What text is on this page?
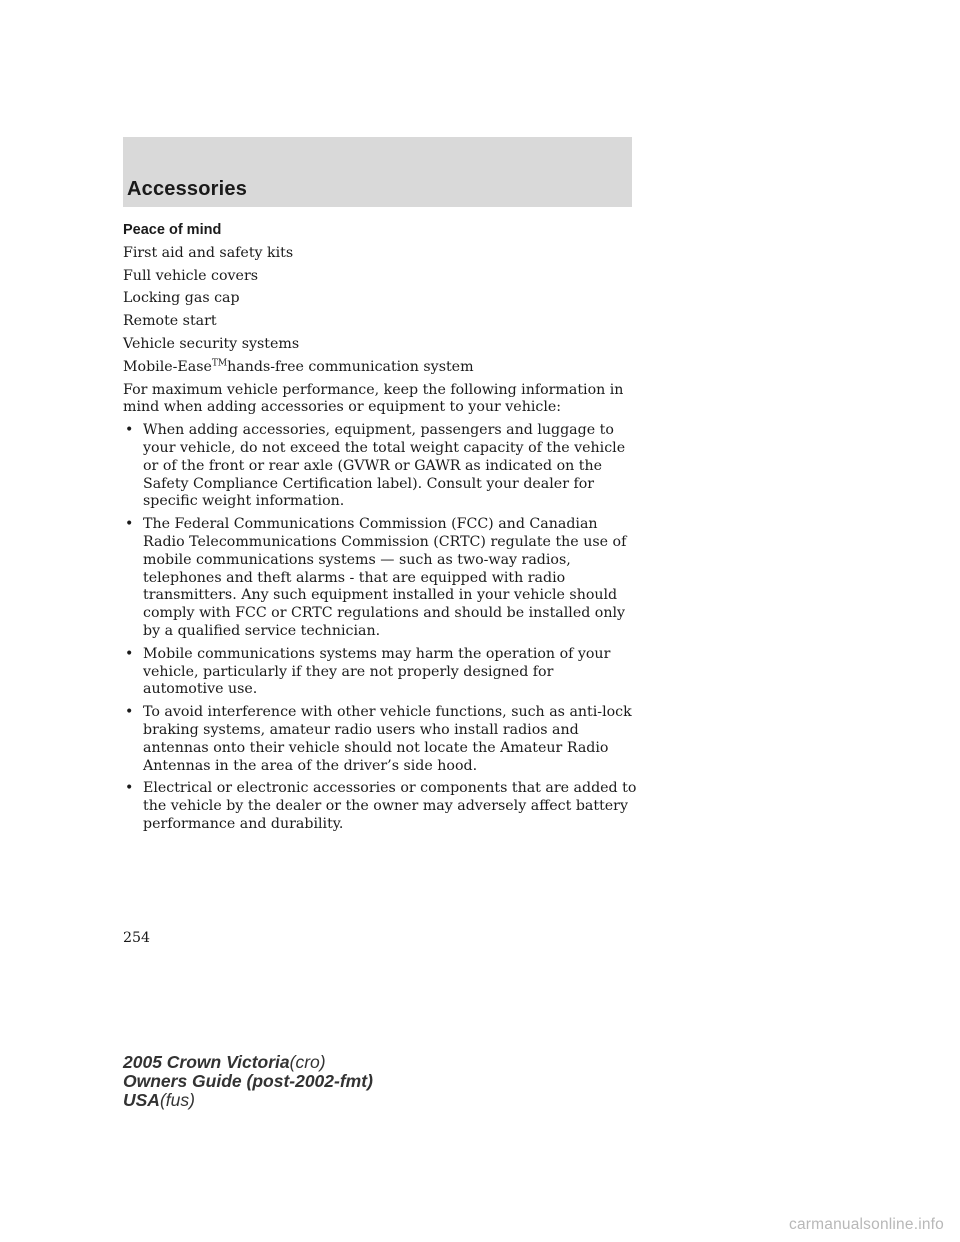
Accessories
Peace of mind
First aid and safety kits
Full vehicle covers
Locking gas cap
Remote start
Vehicle security systems
Mobile-Ease™hands-free communication system
For maximum vehicle performance, keep the following information in mind when adding accessories or equipment to your vehicle:
• When adding accessories, equipment, passengers and luggage to your vehicle, do not exceed the total weight capacity of the vehicle or of the front or rear axle (GVWR or GAWR as indicated on the Safety Compliance Certification label). Consult your dealer for specific weight information.
• The Federal Communications Commission (FCC) and Canadian Radio Telecommunications Commission (CRTC) regulate the use of mobile communications systems — such as two-way radios, telephones and theft alarms - that are equipped with radio transmitters. Any such equipment installed in your vehicle should comply with FCC or CRTC regulations and should be installed only by a qualified service technician.
• Mobile communications systems may harm the operation of your vehicle, particularly if they are not properly designed for automotive use.
• To avoid interference with other vehicle functions, such as anti-lock braking systems, amateur radio users who install radios and antennas onto their vehicle should not locate the Amateur Radio Antennas in the area of the driver’s side hood.
• Electrical or electronic accessories or components that are added to the vehicle by the dealer or the owner may adversely affect battery performance and durability.
254
2005 Crown Victoria(cro)
Owners Guide (post-2002-fmt)
USA(fus)
carmanualsonline.info
